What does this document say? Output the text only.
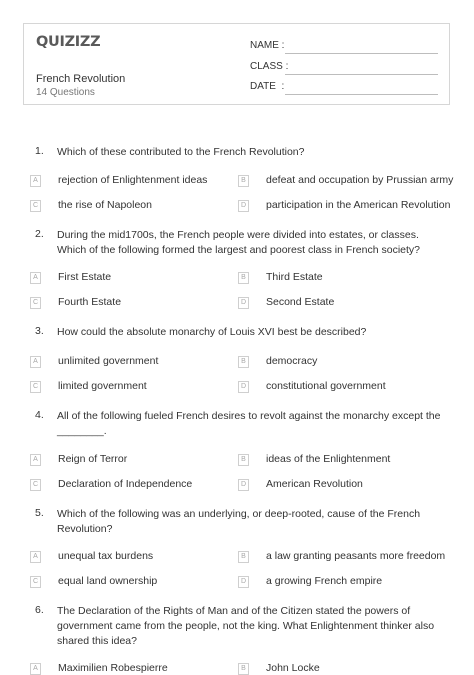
QUIZIZZ
French Revolution
14 Questions
NAME :
CLASS :
DATE  :
1. Which of these contributed to the French Revolution?
A	rejection of Enlightenment ideas	B	defeat and occupation by Prussian army
C the rise of Napoleon	D participation in the American Revolution
2. During the mid1700s, the French people were divided into estates, or classes. Which of the following formed the largest and poorest class in French society?
A	First Estate	B	Third Estate
C Fourth Estate	D Second Estate
3. How could the absolute monarchy of Louis XVI best be described?
A	unlimited government	B	democracy
C limited government	D constitutional government
4. All of the following fueled French desires to revolt against the monarchy except the ________.
A	Reign of Terror	B	ideas of the Enlightenment
C Declaration of Independence	D American Revolution
5. Which of the following was an underlying, or deep-rooted, cause of the French Revolution?
A	unequal tax burdens	B	a law granting peasants more freedom
C equal land ownership	D a growing French empire
6. The Declaration of the Rights of Man and of the Citizen stated the powers of government came from the people, not the king. What Enlightenment thinker also shared this idea?
A	Maximilien Robespierre	B	John Locke
